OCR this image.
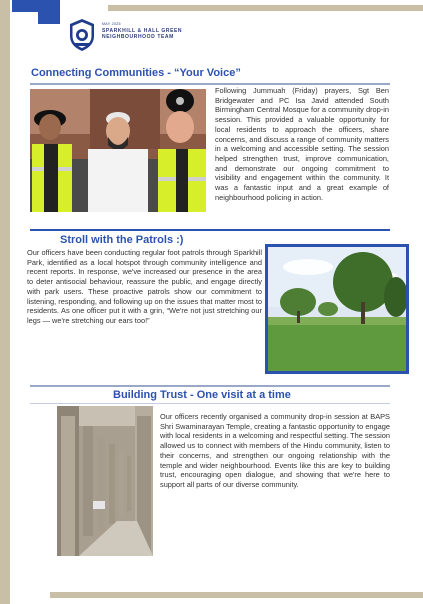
MAY 2025
SPARKHILL & HALL GREEN NEIGHBOURHOOD TEAM
Connecting Communities - “Your Voice”

Following Jummuah (Friday) prayers, Sgt Ben Bridgewater and PC Isa Javid attended South Birmingham Central Mosque for a community drop-in session. This provided a valuable opportunity for local residents to approach the officers, share concerns, and discuss a range of community matters in a welcoming and accessible setting. The session helped strengthen trust, improve communication, and demonstrate our ongoing commitment to visibility and engagement within the community. It was a fantastic input and a great example of neighbourhood policing in action.

Stroll with the Patrols :)

Our officers have been conducting regular foot patrols through Sparkhill Park, identified as a local hotspot through community intelligence and recent reports. In response, we've increased our presence in the area to deter antisocial behaviour, reassure the public, and engage directly with park users. These proactive patrols show our commitment to listening, responding, and following up on the issues that matter most to residents. As one officer put it with a grin, “We're not just stretching our legs — we're stretching our ears too!”

Building Trust - One visit at a time

Our officers recently organised a community drop-in session at BAPS Shri Swaminarayan Temple, creating a fantastic opportunity to engage with local residents in a welcoming and respectful setting. The session allowed us to connect with members of the Hindu community, listen to their concerns, and strengthen our ongoing relationship with the temple and wider neighbourhood. Events like this are key to building trust, encouraging open dialogue, and showing that we're here to support all parts of our diverse community.
